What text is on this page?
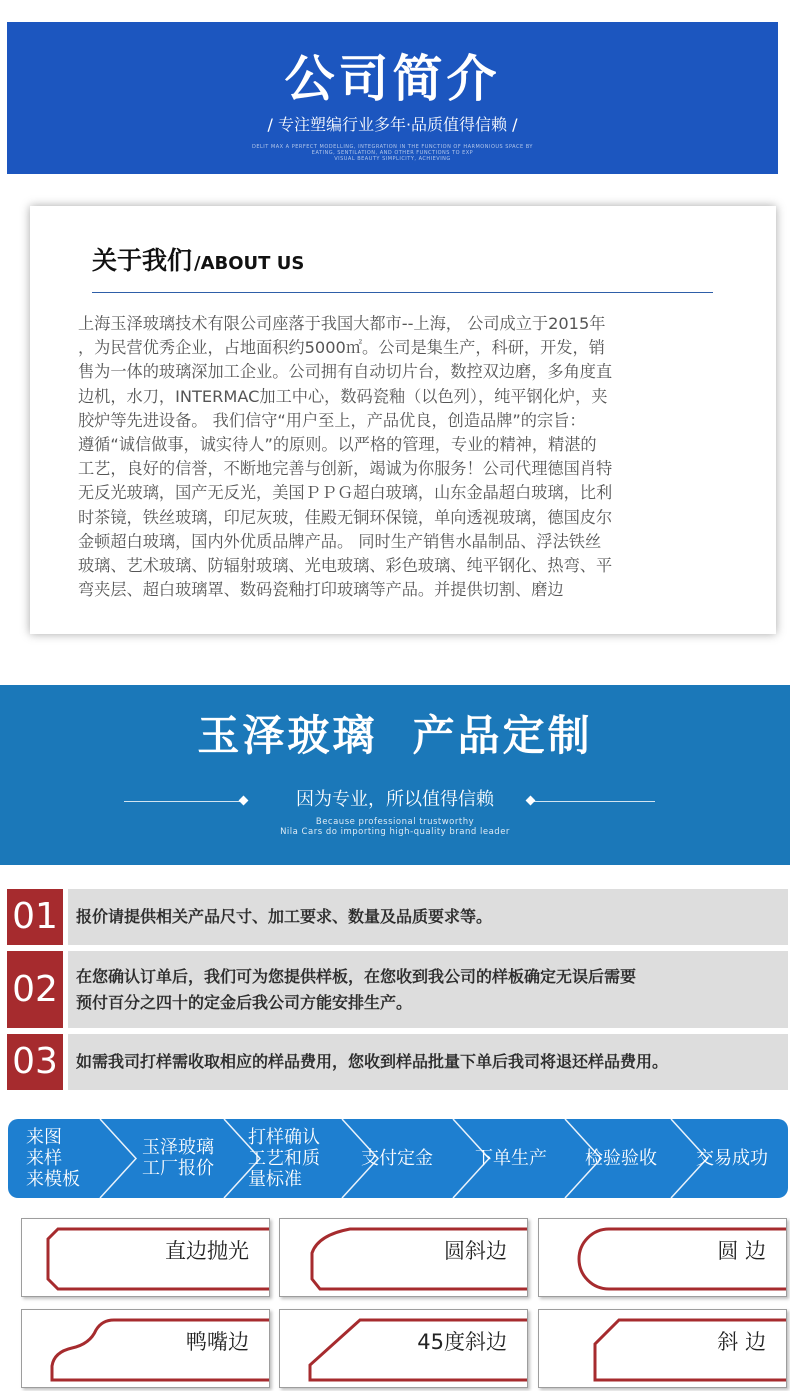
公司简介
/ 专注塑编行业多年·品质值得信赖 /
DELIT MAX A PERFECT MODELLING, INTEGRATION IN THE FUNCTION OF HARMONIOUS SPACE BY
EATING, SENTILATION, AND OTHER FUNCTIONS TO EXP
VISUAL BEAUTY SIMPLICITY, ACHIEVING
关于我们 /ABOUT US
上海玉泽玻璃技术有限公司座落于我国大都市--上海， 公司成立于2015年
，为民营优秀企业，占地面积约5000㎡。公司是集生产，科研，开发，销
售为一体的玻璃深加工企业。公司拥有自动切片台，数控双边磨，多角度直
边机，水刀，INTERMAC加工中心，数码瓷釉（以色列），纯平钢化炉，夹
胶炉等先进设备。 我们信守“用户至上，产品优良，创造品牌”的宗旨：
遵循“诚信做事，诚实待人”的原则。以严格的管理，专业的精神，精湛的
工艺，良好的信誉，不断地完善与创新，竭诚为你服务！公司代理德国肖特
无反光玻璃，国产无反光，美国ＰＰＧ超白玻璃，山东金晶超白玻璃，比利
时茶镜，铁丝玻璃，印尼灰玻，佳殿无铜环保镜，单向透视玻璃，德国皮尔
金顿超白玻璃，国内外优质品牌产品。 同时生产销售水晶制品、浮法铁丝
玻璃、艺术玻璃、防辐射玻璃、光电玻璃、彩色玻璃、纯平钢化、热弯、平
弯夹层、超白玻璃罩、数码瓷釉打印玻璃等产品。并提供切割、磨边
玉泽玻璃  产品定制
因为专业，所以值得信赖
Because professional trustworthy
Nila Cars do importing high-quality brand leader
01	报价请提供相关产品尺寸、加工要求、数量及品质要求等。
02	在您确认订单后，我们可为您提供样板，在您收到我公司的样板确定无误后需要
预付百分之四十的定金后我公司方能安排生产。
03	如需我司打样需收取相应的样品费用，您收到样品批量下单后我司将退还样品费用。
来图
来样
来模板
玉泽玻璃
工厂报价
打样确认
工艺和质
量标准
支付定金 下单生产 检验验收 交易成功
直边抛光	圆斜边	圆 边
鸭嘴边	45度斜边	斜 边
